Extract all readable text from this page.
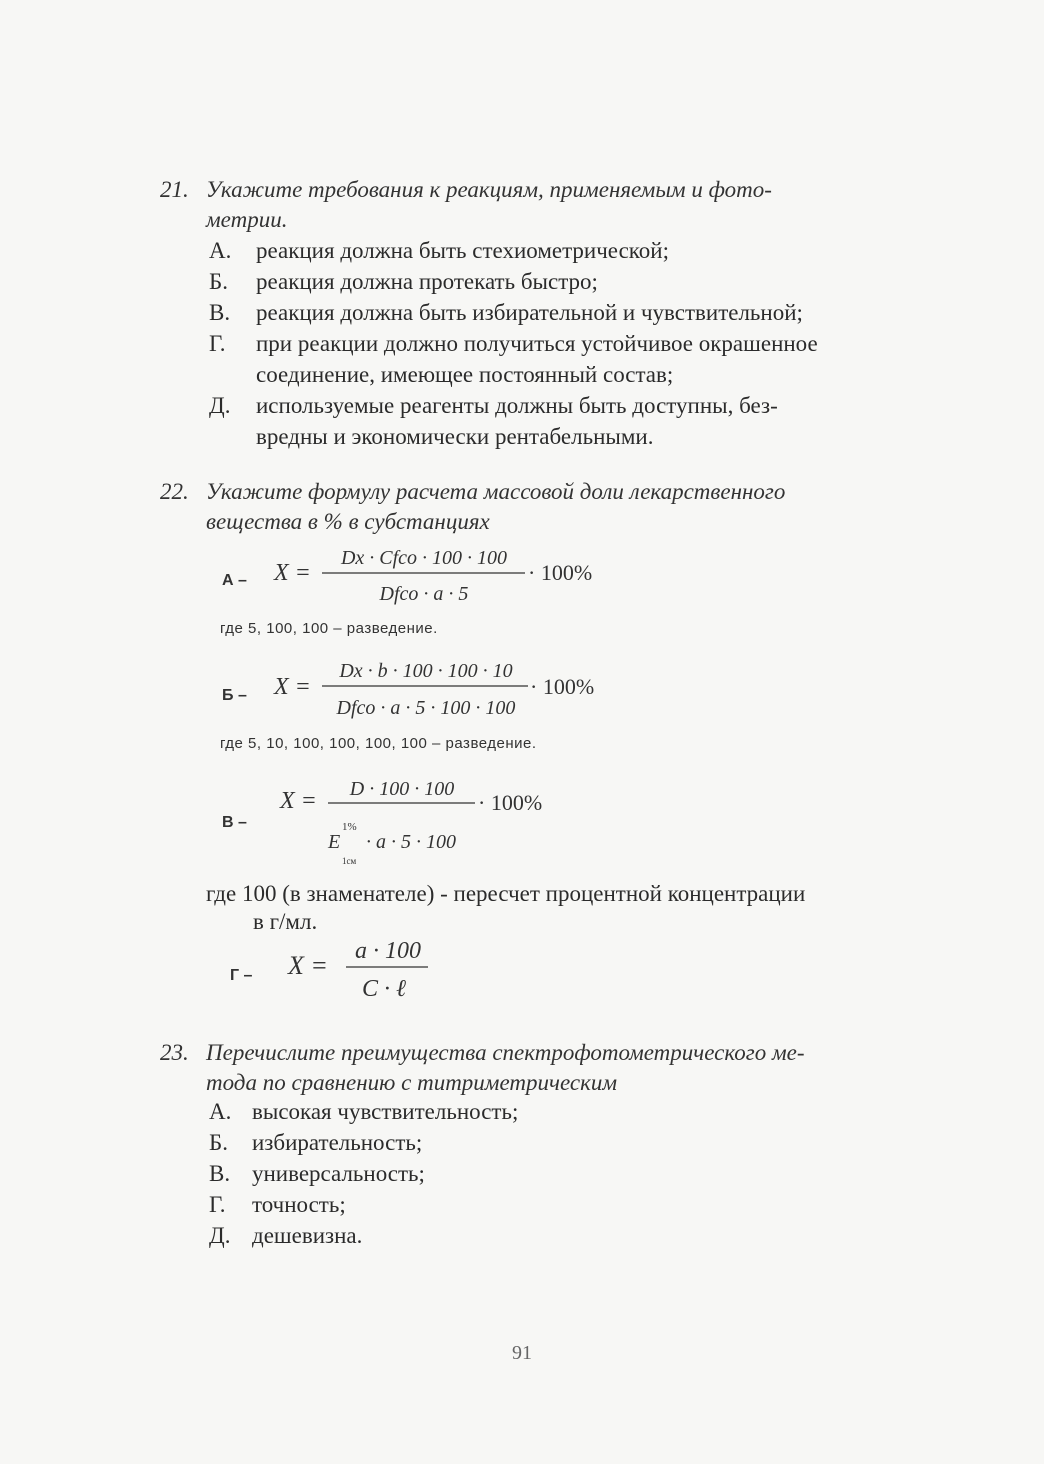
21. Укажите требования к реакциям, применяемым и фото-
метрии.
А. реакция должна быть стехиометрической;
Б. реакция должна протекать быстро;
В. реакция должна быть избирательной и чувствительной;
Г. при реакции должно получиться устойчивое окрашенное
соединение, имеющее постоянный состав;
Д. используемые реагенты должны быть доступны, без-
вредны и экономически рентабельными.
22. Укажите формулу расчета массовой доли лекарственного
вещества в % в субстанциях
А – X =
Dx · Cfco · 100 · 100
Dfco · a · 5
· 100%
где 5, 100, 100 – разведение.
Б – X =
Dx · b · 100 · 100 · 10
Dfco · a · 5 · 100 · 100
· 100%
где 5, 10, 100, 100, 100, 100 – разведение.
В –
X = D · 100 · 100
· 100%
E
1%
1см
· a · 5 · 100
где 100 (в знаменателе) - пересчет процентной концентрации
в г/мл.
Г – X = a · 100
C · ℓ
23. Перечислите преимущества спектрофотометрического ме-
тода по сравнению с титриметрическим
А. высокая чувствительность;
Б. избирательность;
В. универсальность;
Г. точность;
Д. дешевизна.
91
